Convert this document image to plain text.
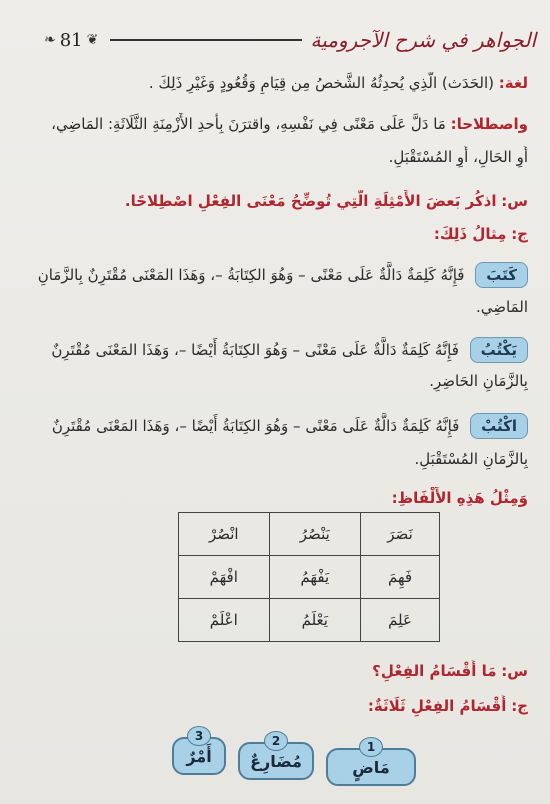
الجواهر في شرح الآجرومية
❦
81
❧
لغة: (الحَدَث) الَّذِي يُحدِثُهُ الشَّخصُ مِن قِيَامٍ وَقُعُودٍ وَغَيْرِ ذَلِكَ .
واصطلاحا: مَا دَلَّ عَلَى مَعْنًى فِي نَفْسِهِ، واقترَنَ بِأَحدِ الأَزْمِنَةِ الثَّلَاثَةِ: المَاضِي،
أَوِ الحَالِ، أَوِ المُسْتَقْبَلِ.
س: اذكُر بَعضَ الأَمْثِلَةِ الَّتِي تُوضِّحُ مَعْنَى الفِعْلِ اصْطِلاحًا.
ج: مِثالُ ذَلِكَ:
كَتَبَ فَإِنَّهُ كَلِمَةٌ دَالَّةٌ عَلَى مَعْنًى – وَهُوَ الكِتَابَةُ –، وَهَذَا المَعْنَى مُقْتَرِنٌ بِالزَّمَانِ
المَاضِي.
يَكْتُبُ فَإِنَّهُ كَلِمَةٌ دَالَّةٌ عَلَى مَعْنًى – وَهُوَ الكِتَابَةُ أَيْضًا –، وَهَذَا المَعْنَى مُقْتَرِنٌ
بِالزَّمَانِ الحَاضِرِ.
اكْتُبْ فَإِنَّهُ كَلِمَةٌ دَالَّةٌ عَلَى مَعْنًى – وَهُوَ الكِتَابَةُ أَيْضًا –، وَهَذَا المَعْنَى مُقْتَرِنٌ
بِالزَّمَانِ المُسْتَقْبَلِ.
وَمِثْلُ هَذِهِ الأَلْفَاظِ:
نَصَرَ	يَنْصُرُ	انْصُرْ
فَهِمَ	يَفْهَمُ	افْهَمْ
عَلِمَ	يَعْلَمُ	اعْلَمْ
س: مَا أَقْسَامُ الفِعْلِ؟
ج: أَقْسَامُ الفِعْلِ ثَلَاثَةٌ:
1
مَاضٍ
2
مُضَارِعٌ
3
أَمْرٌ
